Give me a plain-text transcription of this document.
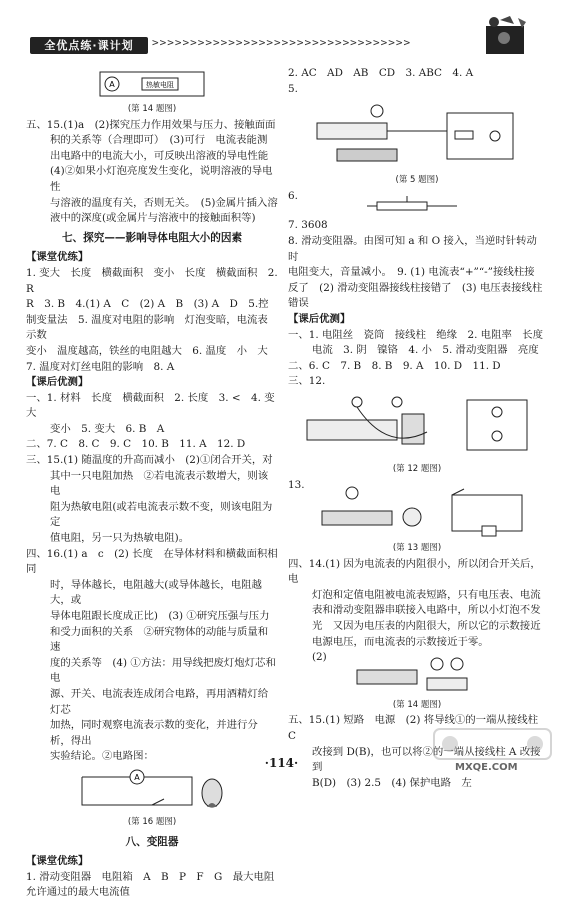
全优点练·课计划	>>>>>>>>>>>>>>>>>>>>>>>>>>>>>>>>>>
A	热敏电阻
(第 14 题图)

五、15.(1)a　(2)探究压力作用效果与压力、接触面面

积的关系等（合理即可）　(3)可行　电流表能测

出电路中的电流大小，可反映出溶液的导电性能

(4)②如果小灯泡亮度发生变化，说明溶液的导电性

与溶液的温度有关，否则无关。　(5)金属片插入溶

液中的深度(或金属片与溶液中的接触面积等)

七、探究——影响导体电阻大小的因素
【课堂优练】

1. 变大　长度　横截面积　变小　长度　横截面积　2. R

R　3. B　4.(1) A　C　(2) A　B　(3) A　D　5.控

制变量法　5. 温度对电阻的影响　灯泡变暗，电流表示数

变小　温度越高，铁丝的电阻越大　6. 温度　小　大

7. 温度对灯丝电阻的影响　8. A

【课后优测】

一、1. 材料　长度　横截面积　2. 长度　3. <　4. 变大

变小　5. 变大　6. B　A

二、7. C　8. C　9. C　10. B　11. A　12. D

三、15.(1) 随温度的升高而减小　(2)①闭合开关，对

其中一只电阻加热　②若电流表示数增大，则该电

阻为热敏电阻(或若电流表示数不变，则该电阻为定

值电阻，另一只为热敏电阻)。

四、16.(1) a　c　(2) 长度　在导体材料和横截面积相同

时，导体越长，电阻越大(或导体越长，电阻越大，或

导体电阻跟长度成正比)　(3) ①研究压强与压力

和受力面积的关系　②研究物体的动能与质量和速

度的关系等　(4) ①方法：用导线把废灯炮灯芯和电

源、开关、电流表连成闭合电路，再用酒精灯给灯芯

加热，同时观察电流表示数的变化，并进行分析，得出

实验结论。②电路图：

A
(第 16 题图)
八、变阻器
【课堂优练】

1. 滑动变阻器　电阻箱　A　B　P　F　G　最大电阻

允许通过的最大电流值

2. AC　AD　AB　CD　3. ABC　4. A

5.

(第 5 题图)

6.

7. 3608

8. 滑动变阻器。由图可知 a 和 O 接入，当逆时针转动时

电阻变大，音量减小。　9. (1) 电流表“+”“-”接线柱接

反了　(2) 滑动变阻器接线柱接错了　(3) 电压表接线柱

错误

【课后优测】

一、1. 电阻丝　瓷筒　接线柱　绝缘　2. 电阻率　长度

电流　3. 阴　镍铬　4. 小　5. 滑动变阻器　亮度

二、6. C　7. B　8. B　9. A　10. D　11. D

三、12.

(第 12 题图)

13.

(第 13 题图)

四、14.(1) 因为电流表的内阻很小，所以闭合开关后，电

灯泡和定值电阻被电流表短路，只有电压表、电流

表和滑动变阻器串联接入电路中，所以小灯泡不发

光　又因为电压表的内阻很大，所以它的示数接近

电源电压，而电流表的示数接近于零。

(2)

(第 14 题图)

五、15.(1) 短路　电源　(2) 将导线①的一端从接线柱 C

改接到 D(B)，也可以将②的一端从接线柱 A 改接到

B(D)　(3) 2.5　(4) 保护电路　左

·114·	MXQE.COM
